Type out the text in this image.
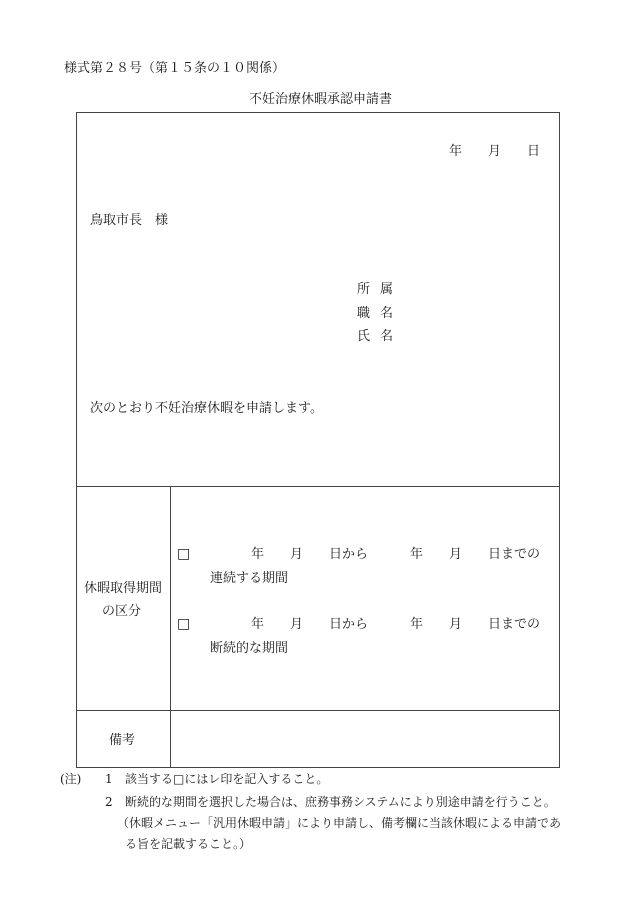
様式第２８号（第１５条の１０関係）
不妊治療休暇承認申請書
年 月 日
鳥取市長　様
所 属
職 名
氏 名
次のとおり不妊治療休暇を申請します。
休暇取得期間
の区分
□	年 月 日から	年 月 日までの
連続する期間
□	年 月 日から	年 月 日までの
断続的な期間
備考
(注) 1 該当する□にはレ印を記入すること。
2 断続的な期間を選択した場合は、庶務事務システムにより別途申請を行うこと。
（休暇メニュー「汎用休暇申請」により申請し、備考欄に当該休暇による申請であ
る旨を記載すること。）
